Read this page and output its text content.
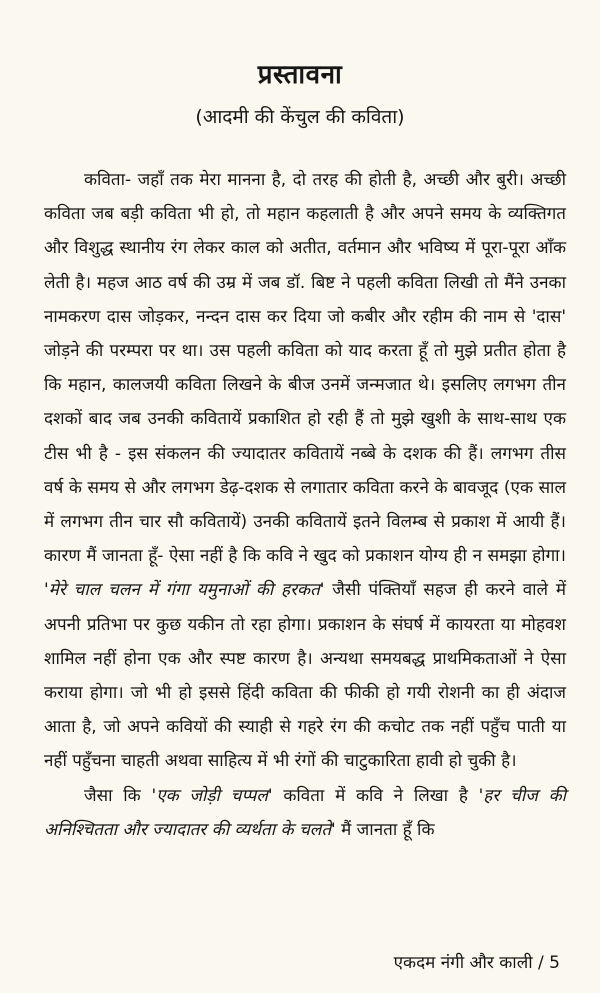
प्रस्तावना
(आदमी की केंचुल की कविता)

कविता- जहाँ तक मेरा मानना है, दो तरह की होती है, अच्छी और बुरी। अच्छी कविता जब बड़ी कविता भी हो, तो महान कहलाती है और अपने समय के व्यक्तिगत और विशुद्ध स्थानीय रंग लेकर काल को अतीत, वर्तमान और भविष्य में पूरा-पूरा आँक लेती है। महज आठ वर्ष की उम्र में जब डॉ. बिष्ट ने पहली कविता लिखी तो मैंने उनका नामकरण दास जोड़कर, नन्दन दास कर दिया जो कबीर और रहीम की नाम से 'दास' जोड़ने की परम्परा पर था। उस पहली कविता को याद करता हूँ तो मुझे प्रतीत होता है कि महान, कालजयी कविता लिखने के बीज उनमें जन्मजात थे। इसलिए लगभग तीन दशकों बाद जब उनकी कवितायें प्रकाशित हो रही हैं तो मुझे खुशी के साथ-साथ एक टीस भी है - इस संकलन की ज्यादातर कवितायें नब्बे के दशक की हैं। लगभग तीस वर्ष के समय से और लगभग डेढ़-दशक से लगातार कविता करने के बावजूद (एक साल में लगभग तीन चार सौ कवितायें) उनकी कवितायें इतने विलम्ब से प्रकाश में आयी हैं। कारण मैं जानता हूँ- ऐसा नहीं है कि कवि ने खुद को प्रकाशन योग्य ही न समझा होगा। 'मेरे चाल चलन में गंगा यमुनाओं की हरकत' जैसी पंक्तियाँ सहज ही करने वाले में अपनी प्रतिभा पर कुछ यकीन तो रहा होगा। प्रकाशन के संघर्ष में कायरता या मोहवश शामिल नहीं होना एक और स्पष्ट कारण है। अन्यथा समयबद्ध प्राथमिकताओं ने ऐसा कराया होगा। जो भी हो इससे हिंदी कविता की फीकी हो गयी रोशनी का ही अंदाज आता है, जो अपने कवियों की स्याही से गहरे रंग की कचोट तक नहीं पहुँच पाती या नहीं पहुँचना चाहती अथवा साहित्य में भी रंगों की चाटुकारिता हावी हो चुकी है।

जैसा कि 'एक जोड़ी चप्पल' कविता में कवि ने लिखा है 'हर चीज की अनिश्चितता और ज्यादातर की व्यर्थता के चलते' मैं जानता हूँ कि

एकदम नंगी और काली / 5
